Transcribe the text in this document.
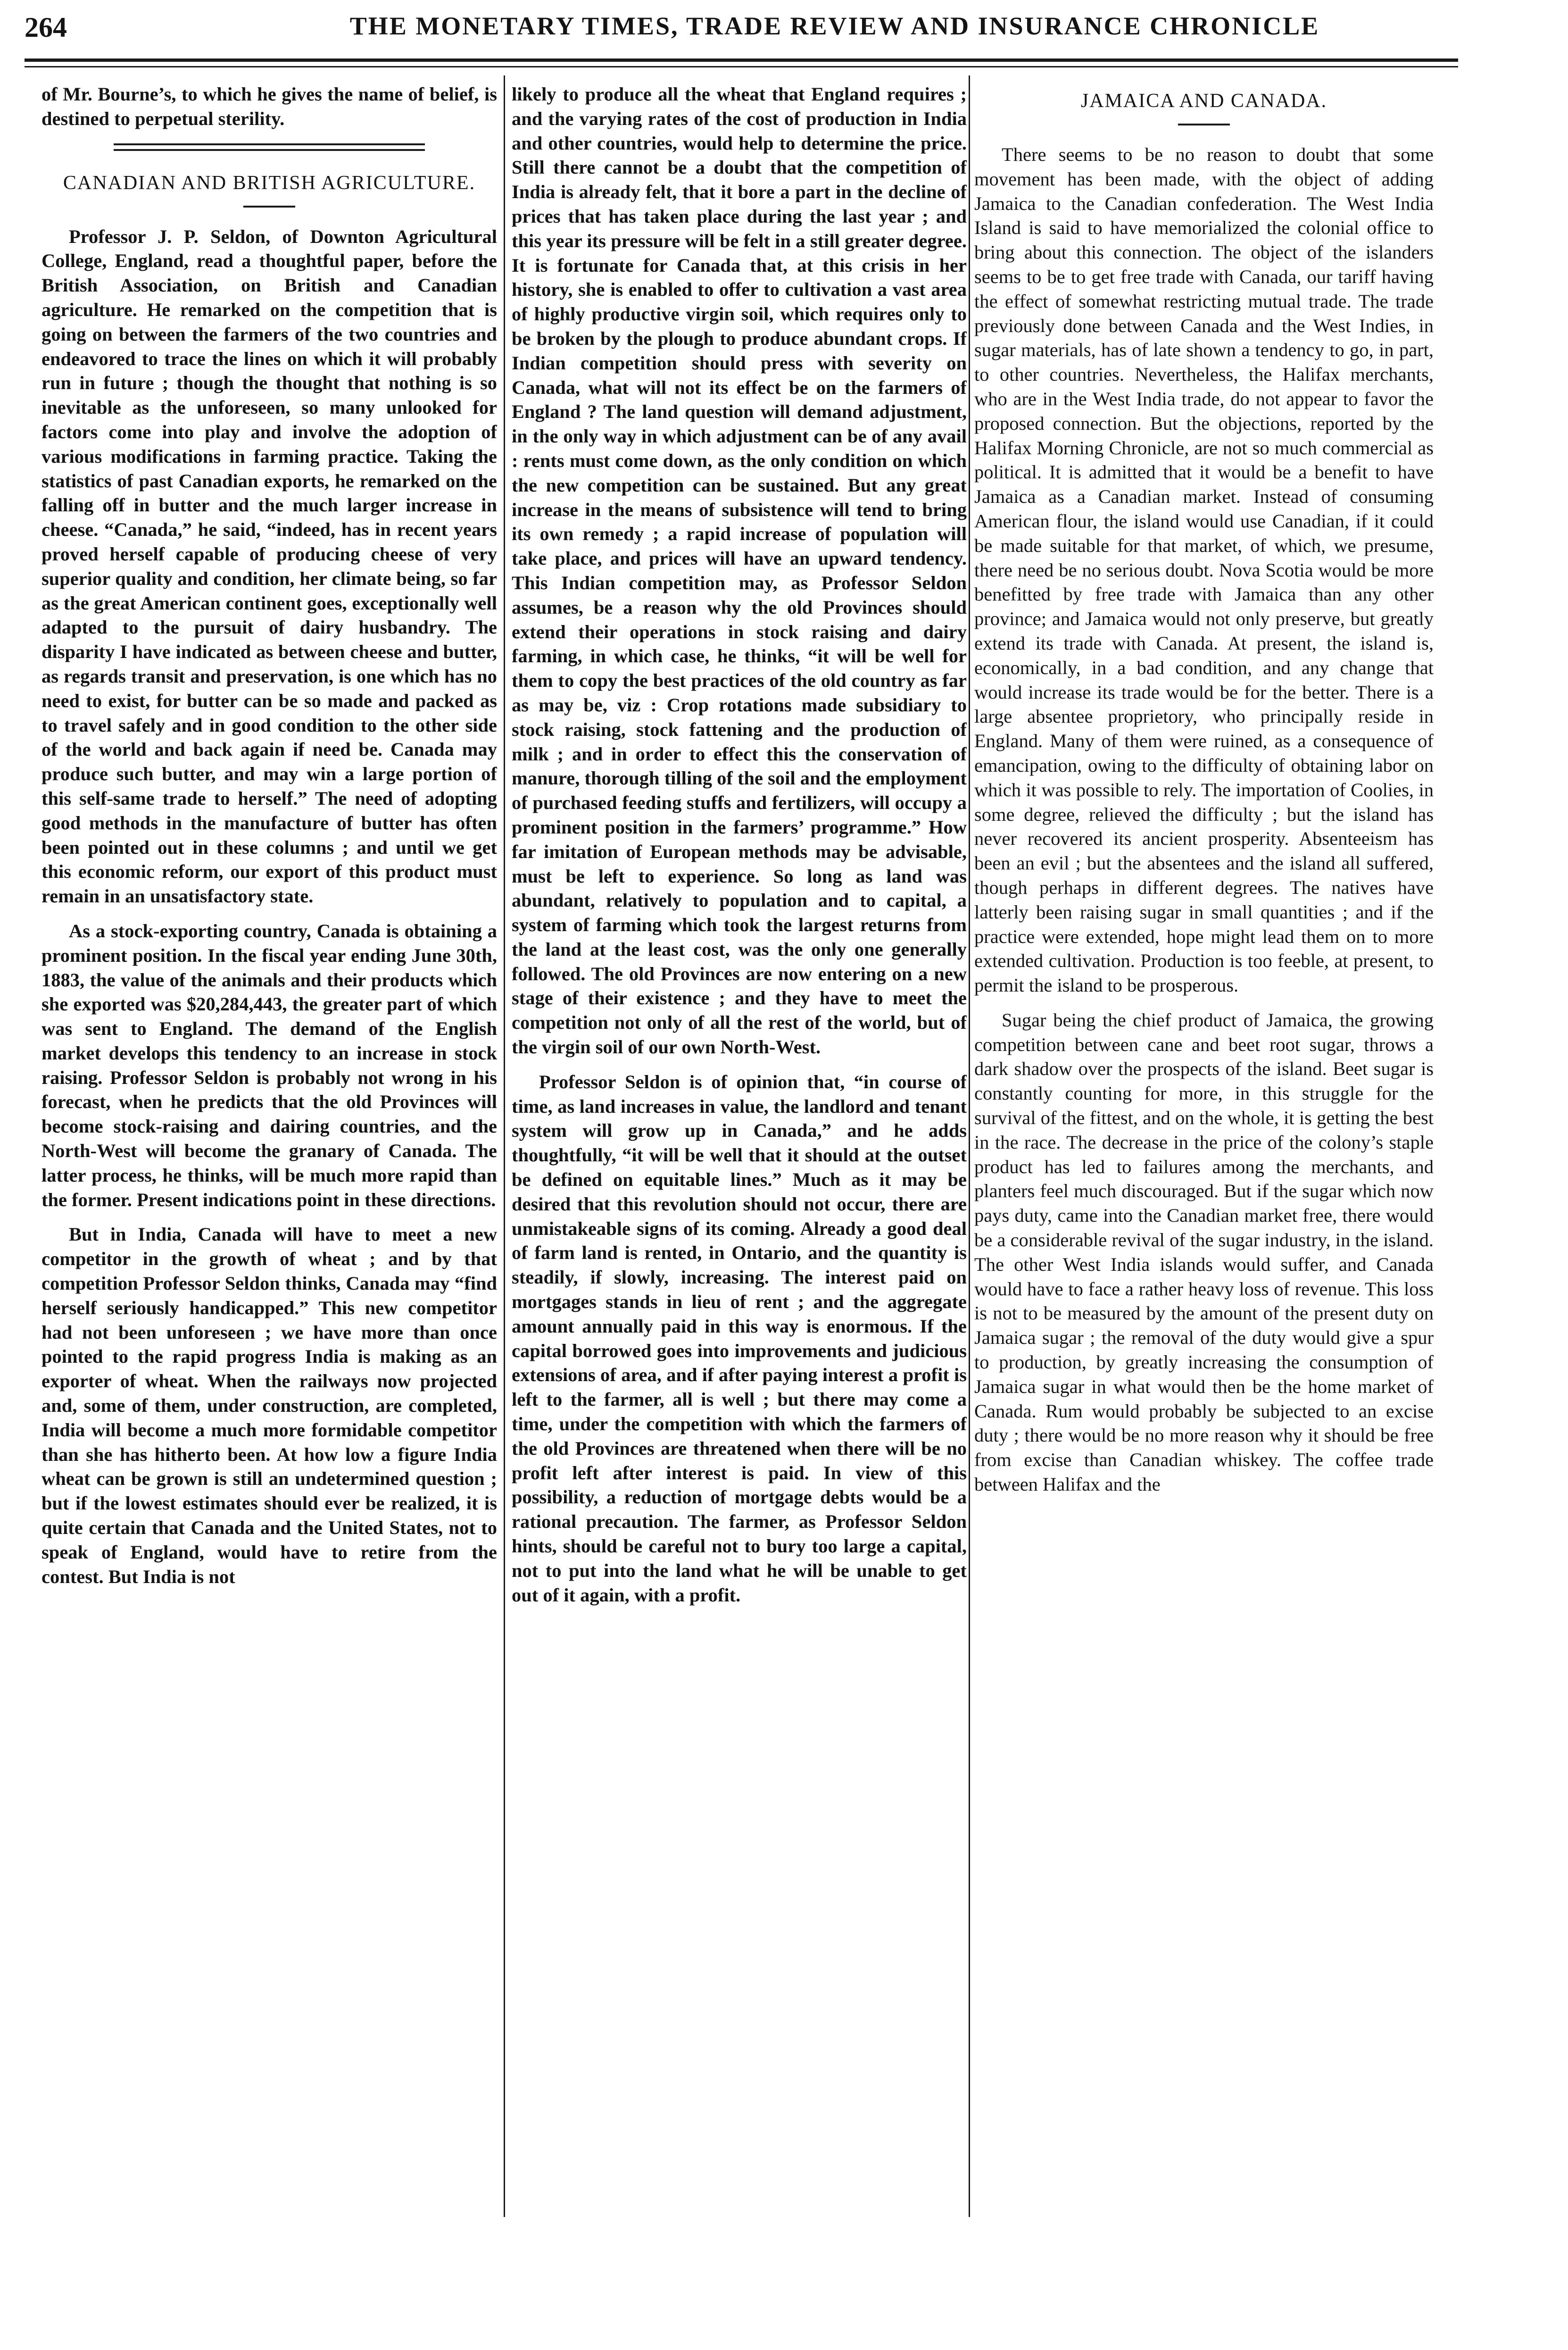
264	THE MONETARY TIMES, TRADE REVIEW AND INSURANCE CHRONICLE

of Mr. Bourne’s, to which he gives the name of belief, is destined to perpetual sterility.

CANADIAN AND BRITISH AGRICULTURE.

Professor J. P. Seldon, of Downton Agricultural College, England, read a thoughtful paper, before the British Association, on British and Canadian agriculture. He remarked on the competition that is going on between the farmers of the two countries and endeavored to trace the lines on which it will probably run in future ; though the thought that nothing is so inevitable as the unforeseen, so many unlooked for factors come into play and involve the adoption of various modifications in farming practice. Taking the statistics of past Canadian exports, he remarked on the falling off in butter and the much larger increase in cheese. “Canada,” he said, “indeed, has in recent years proved herself capable of producing cheese of very superior quality and condition, her climate being, so far as the great American continent goes, exceptionally well adapted to the pursuit of dairy husbandry. The disparity I have indicated as between cheese and butter, as regards transit and preservation, is one which has no need to exist, for butter can be so made and packed as to travel safely and in good condition to the other side of the world and back again if need be. Canada may produce such butter, and may win a large portion of this self-same trade to herself.” The need of adopting good methods in the manufacture of butter has often been pointed out in these columns ; and until we get this economic reform, our export of this product must remain in an unsatisfactory state.

As a stock-exporting country, Canada is obtaining a prominent position. In the fiscal year ending June 30th, 1883, the value of the animals and their products which she exported was $20,284,443, the greater part of which was sent to England. The demand of the English market develops this tendency to an increase in stock raising. Professor Seldon is probably not wrong in his forecast, when he predicts that the old Provinces will become stock-raising and dairing countries, and the North-West will become the granary of Canada. The latter process, he thinks, will be much more rapid than the former. Present indications point in these directions.

But in India, Canada will have to meet a new competitor in the growth of wheat ; and by that competition Professor Seldon thinks, Canada may “find herself seriously handicapped.” This new competitor had not been unforeseen ; we have more than once pointed to the rapid progress India is making as an exporter of wheat. When the railways now projected and, some of them, under construction, are completed, India will become a much more formidable competitor than she has hitherto been. At how low a figure India wheat can be grown is still an undetermined question ; but if the lowest estimates should ever be realized, it is quite certain that Canada and the United States, not to speak of England, would have to retire from the contest. But India is not

likely to produce all the wheat that England requires ; and the varying rates of the cost of production in India and other countries, would help to determine the price. Still there cannot be a doubt that the competition of India is already felt, that it bore a part in the decline of prices that has taken place during the last year ; and this year its pressure will be felt in a still greater degree. It is fortunate for Canada that, at this crisis in her history, she is enabled to offer to cultivation a vast area of highly productive virgin soil, which requires only to be broken by the plough to produce abundant crops. If Indian competition should press with severity on Canada, what will not its effect be on the farmers of England ? The land question will demand adjustment, in the only way in which adjustment can be of any avail : rents must come down, as the only condition on which the new competition can be sustained. But any great increase in the means of subsistence will tend to bring its own remedy ; a rapid increase of population will take place, and prices will have an upward tendency. This Indian competition may, as Professor Seldon assumes, be a reason why the old Provinces should extend their operations in stock raising and dairy farming, in which case, he thinks, “it will be well for them to copy the best practices of the old country as far as may be, viz : Crop rotations made subsidiary to stock raising, stock fattening and the production of milk ; and in order to effect this the conservation of manure, thorough tilling of the soil and the employment of purchased feeding stuffs and fertilizers, will occupy a prominent position in the farmers’ programme.” How far imitation of European methods may be advisable, must be left to experience. So long as land was abundant, relatively to population and to capital, a system of farming which took the largest returns from the land at the least cost, was the only one generally followed. The old Provinces are now entering on a new stage of their existence ; and they have to meet the competition not only of all the rest of the world, but of the virgin soil of our own North-West.

Professor Seldon is of opinion that, “in course of time, as land increases in value, the landlord and tenant system will grow up in Canada,” and he adds thoughtfully, “it will be well that it should at the outset be defined on equitable lines.” Much as it may be desired that this revolution should not occur, there are unmistakeable signs of its coming. Already a good deal of farm land is rented, in Ontario, and the quantity is steadily, if slowly, increasing. The interest paid on mortgages stands in lieu of rent ; and the aggregate amount annually paid in this way is enormous. If the capital borrowed goes into improvements and judicious extensions of area, and if after paying interest a profit is left to the farmer, all is well ; but there may come a time, under the competition with which the farmers of the old Provinces are threatened when there will be no profit left after interest is paid. In view of this possibility, a reduction of mortgage debts would be a rational precaution. The farmer, as Professor Seldon hints, should be careful not to bury too large a capital, not to put into the land what he will be unable to get out of it again, with a profit.

JAMAICA AND CANADA.

There seems to be no reason to doubt that some movement has been made, with the object of adding Jamaica to the Canadian confederation. The West India Island is said to have memorialized the colonial office to bring about this connection. The object of the islanders seems to be to get free trade with Canada, our tariff having the effect of somewhat restricting mutual trade. The trade previously done between Canada and the West Indies, in sugar materials, has of late shown a tendency to go, in part, to other countries. Nevertheless, the Halifax merchants, who are in the West India trade, do not appear to favor the proposed connection. But the objections, reported by the Halifax Morning Chronicle, are not so much commercial as political. It is admitted that it would be a benefit to have Jamaica as a Canadian market. Instead of consuming American flour, the island would use Canadian, if it could be made suitable for that market, of which, we presume, there need be no serious doubt. Nova Scotia would be more benefitted by free trade with Jamaica than any other province; and Jamaica would not only preserve, but greatly extend its trade with Canada. At present, the island is, economically, in a bad condition, and any change that would increase its trade would be for the better. There is a large absentee proprietory, who principally reside in England. Many of them were ruined, as a consequence of emancipation, owing to the difficulty of obtaining labor on which it was possible to rely. The importation of Coolies, in some degree, relieved the difficulty ; but the island has never recovered its ancient prosperity. Absenteeism has been an evil ; but the absentees and the island all suffered, though perhaps in different degrees. The natives have latterly been raising sugar in small quantities ; and if the practice were extended, hope might lead them on to more extended cultivation. Production is too feeble, at present, to permit the island to be prosperous.

Sugar being the chief product of Jamaica, the growing competition between cane and beet root sugar, throws a dark shadow over the prospects of the island. Beet sugar is constantly counting for more, in this struggle for the survival of the fittest, and on the whole, it is getting the best in the race. The decrease in the price of the colony’s staple product has led to failures among the merchants, and planters feel much discouraged. But if the sugar which now pays duty, came into the Canadian market free, there would be a considerable revival of the sugar industry, in the island. The other West India islands would suffer, and Canada would have to face a rather heavy loss of revenue. This loss is not to be measured by the amount of the present duty on Jamaica sugar ; the removal of the duty would give a spur to production, by greatly increasing the consumption of Jamaica sugar in what would then be the home market of Canada. Rum would probably be subjected to an excise duty ; there would be no more reason why it should be free from excise than Canadian whiskey. The coffee trade between Halifax and the
